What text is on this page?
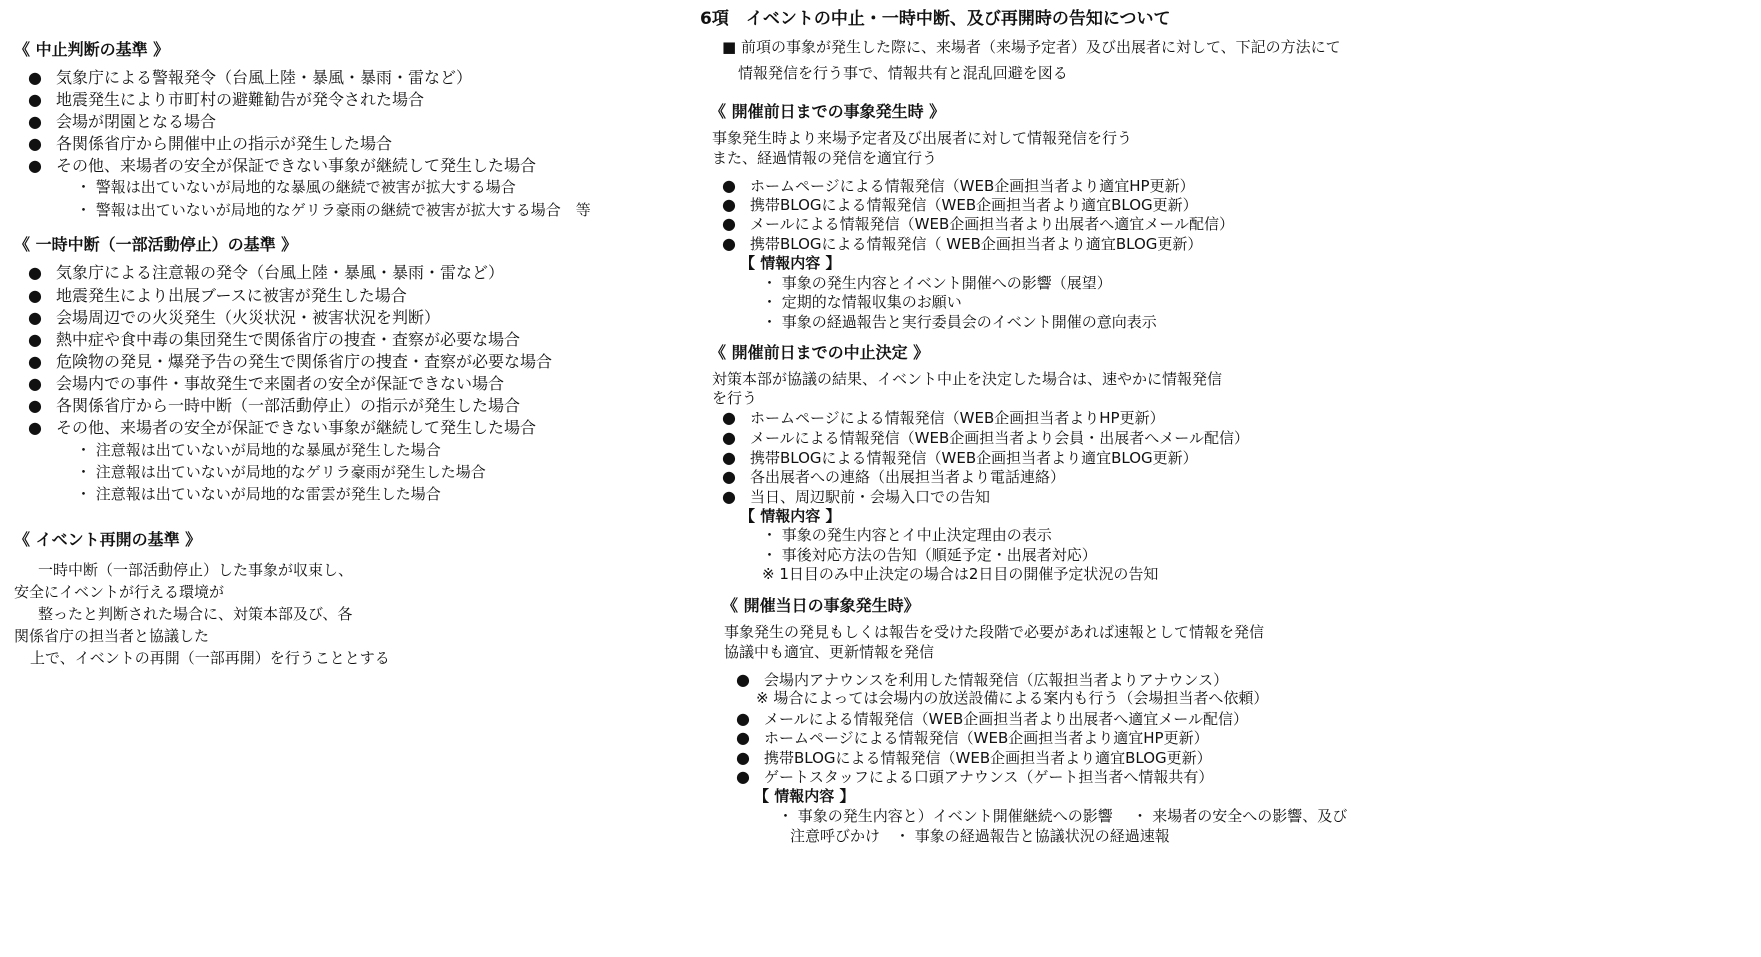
《 中止判断の基準 》
● 気象庁による警報発令（台風上陸・暴風・暴雨・雷など）
● 地震発生により市町村の避難勧告が発令された場合
● 会場が閉園となる場合
● 各関係省庁から開催中止の指示が発生した場合
● その他、来場者の安全が保証できない事象が継続して発生した場合
・ 警報は出ていないが局地的な暴風の継続で被害が拡大する場合
・ 警報は出ていないが局地的なゲリラ豪雨の継続で被害が拡大する場合　等
《 一時中断（一部活動停止）の基準 》
● 気象庁による注意報の発令（台風上陸・暴風・暴雨・雷など）
● 地震発生により出展ブースに被害が発生した場合
● 会場周辺での火災発生（火災状況・被害状況を判断）
● 熱中症や食中毒の集団発生で関係省庁の捜査・査察が必要な場合
● 危険物の発見・爆発予告の発生で関係省庁の捜査・査察が必要な場合
● 会場内での事件・事故発生で来園者の安全が保証できない場合
● 各関係省庁から一時中断（一部活動停止）の指示が発生した場合
● その他、来場者の安全が保証できない事象が継続して発生した場合
・ 注意報は出ていないが局地的な暴風が発生した場合
・ 注意報は出ていないが局地的なゲリラ豪雨が発生した場合
・ 注意報は出ていないが局地的な雷雲が発生した場合
《 イベント再開の基準 》
一時中断（一部活動停止）した事象が収束し、
安全にイベントが行える環境が
整ったと判断された場合に、対策本部及び、各
関係省庁の担当者と協議した
上で、イベントの再開（一部再開）を行うこととする
6項　イベントの中止・一時中断、及び再開時の告知について
■ 前項の事象が発生した際に、来場者（来場予定者）及び出展者に対して、下記の方法にて
情報発信を行う事で、情報共有と混乱回避を図る
《 開催前日までの事象発生時 》
事象発生時より来場予定者及び出展者に対して情報発信を行う
また、経過情報の発信を適宜行う
● ホームページによる情報発信（WEB企画担当者より適宜HP更新）
● 携帯BLOGによる情報発信（WEB企画担当者より適宜BLOG更新）
● メールによる情報発信（WEB企画担当者より出展者へ適宜メール配信）
● 携帯BLOGによる情報発信（ WEB企画担当者より適宜BLOG更新）
【 情報内容 】
・ 事象の発生内容とイベント開催への影響（展望）
・ 定期的な情報収集のお願い
・ 事象の経過報告と実行委員会のイベント開催の意向表示
《 開催前日までの中止決定 》
対策本部が協議の結果、イベント中止を決定した場合は、速やかに情報発信
を行う
● ホームページによる情報発信（WEB企画担当者よりHP更新）
● メールによる情報発信（WEB企画担当者より会員・出展者へメール配信）
● 携帯BLOGによる情報発信（WEB企画担当者より適宜BLOG更新）
● 各出展者への連絡（出展担当者より電話連絡）
● 当日、周辺駅前・会場入口での告知
【 情報内容 】
・ 事象の発生内容とイ中止決定理由の表示
・ 事後対応方法の告知（順延予定・出展者対応）
※ 1日目のみ中止決定の場合は2日目の開催予定状況の告知
《 開催当日の事象発生時》
事象発生の発見もしくは報告を受けた段階で必要があれば速報として情報を発信
協議中も適宜、更新情報を発信
● 会場内アナウンスを利用した情報発信（広報担当者よりアナウンス）
※ 場合によっては会場内の放送設備による案内も行う（会場担当者へ依頼）
● メールによる情報発信（WEB企画担当者より出展者へ適宜メール配信）
● ホームページによる情報発信（WEB企画担当者より適宜HP更新）
● 携帯BLOGによる情報発信（WEB企画担当者より適宜BLOG更新）
● ゲートスタッフによる口頭アナウンス（ゲート担当者へ情報共有）
【 情報内容 】
・ 事象の発生内容と）イベント開催継続への影響　 ・ 来場者の安全への影響、及び
注意呼びかけ　・ 事象の経過報告と協議状況の経過速報
